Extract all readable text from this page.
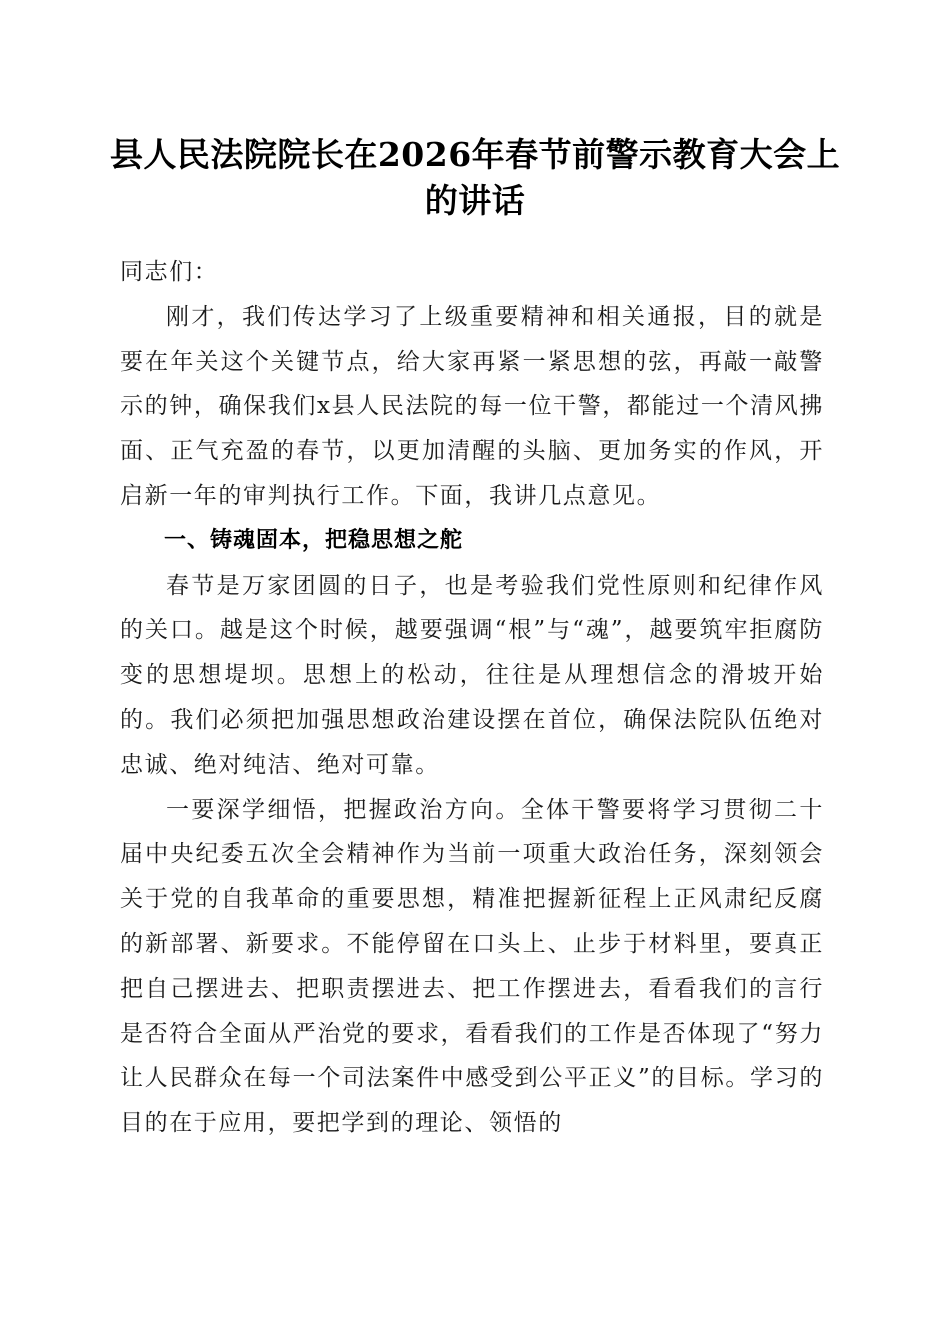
县人民法院院长在2026年春节前警示教育大会上的讲话

同志们：

刚才，我们传达学习了上级重要精神和相关通报，目的就是要在年关这个关键节点，给大家再紧一紧思想的弦，再敲一敲警示的钟，确保我们x县人民法院的每一位干警，都能过一个清风拂面、正气充盈的春节，以更加清醒的头脑、更加务实的作风，开启新一年的审判执行工作。下面，我讲几点意见。

一、铸魂固本，把稳思想之舵

春节是万家团圆的日子，也是考验我们党性原则和纪律作风的关口。越是这个时候，越要强调“根”与“魂”，越要筑牢拒腐防变的思想堤坝。思想上的松动，往往是从理想信念的滑坡开始的。我们必须把加强思想政治建设摆在首位，确保法院队伍绝对忠诚、绝对纯洁、绝对可靠。

一要深学细悟，把握政治方向。全体干警要将学习贯彻二十届中央纪委五次全会精神作为当前一项重大政治任务，深刻领会关于党的自我革命的重要思想，精准把握新征程上正风肃纪反腐的新部署、新要求。不能停留在口头上、止步于材料里，要真正把自己摆进去、把职责摆进去、把工作摆进去，看看我们的言行是否符合全面从严治党的要求，看看我们的工作是否体现了“努力让人民群众在每一个司法案件中感受到公平正义”的目标。学习的目的在于应用，要把学到的理论、领悟的
